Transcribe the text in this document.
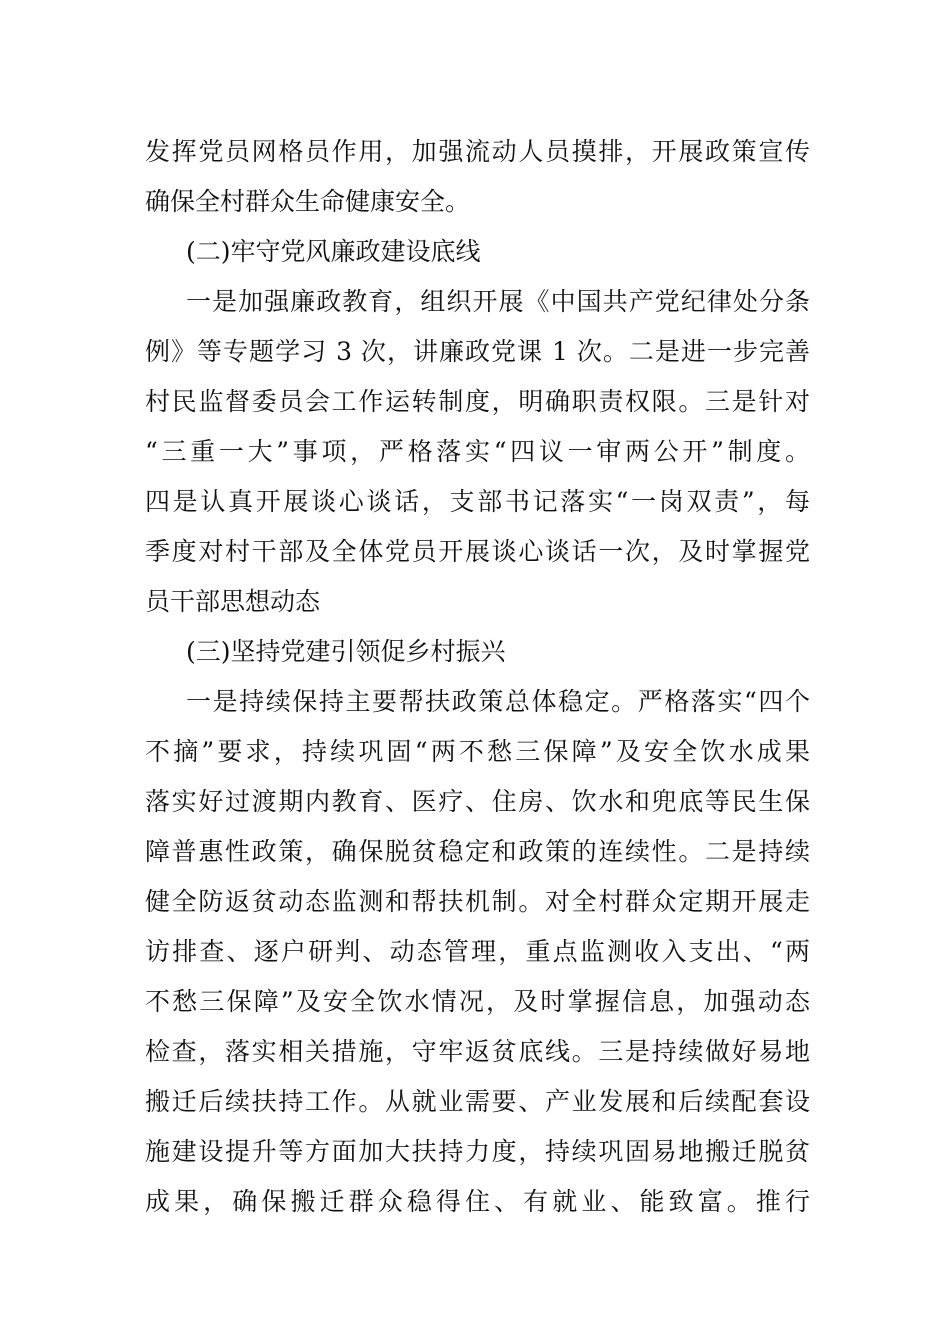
发挥党员网格员作用，加强流动人员摸排，开展政策宣传
确保全村群众生命健康安全。
(二)牢守党风廉政建设底线
一是加强廉政教育，组织开展《中国共产党纪律处分条
例》等专题学习 3 次，讲廉政党课 1 次。二是进一步完善
村民监督委员会工作运转制度，明确职责权限。三是针对
“三重一大”事项，严格落实“四议一审两公开”制度。
四是认真开展谈心谈话，支部书记落实“一岗双责”，每
季度对村干部及全体党员开展谈心谈话一次，及时掌握党
员干部思想动态
(三)坚持党建引领促乡村振兴
一是持续保持主要帮扶政策总体稳定。严格落实“四个
不摘”要求，持续巩固“两不愁三保障”及安全饮水成果
落实好过渡期内教育、医疗、住房、饮水和兜底等民生保
障普惠性政策，确保脱贫稳定和政策的连续性。二是持续
健全防返贫动态监测和帮扶机制。对全村群众定期开展走
访排查、逐户研判、动态管理，重点监测收入支出、“两
不愁三保障”及安全饮水情况，及时掌握信息，加强动态
检查，落实相关措施，守牢返贫底线。三是持续做好易地
搬迁后续扶持工作。从就业需要、产业发展和后续配套设
施建设提升等方面加大扶持力度，持续巩固易地搬迁脱贫
成果，确保搬迁群众稳得住、有就业、能致富。推行
